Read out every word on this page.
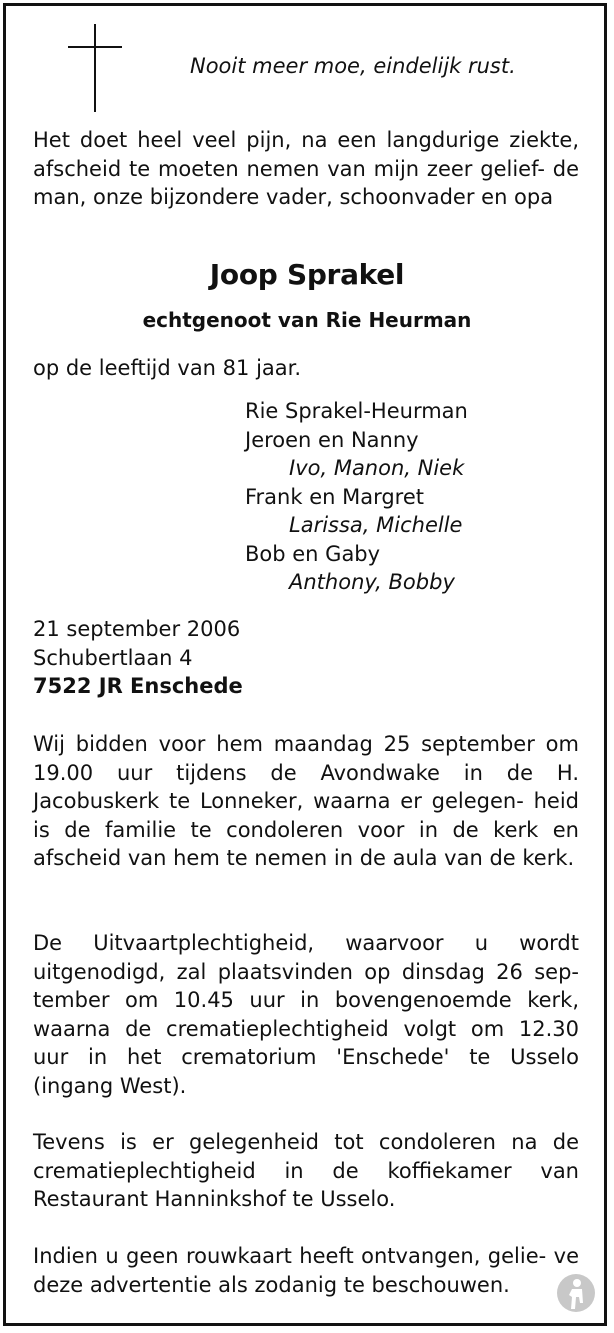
Nooit meer moe, eindelijk rust.
Het doet heel veel pijn, na een langdurige ziekte, afscheid te moeten nemen van mijn zeer gelief- de man, onze bijzondere vader, schoonvader en opa
Joop Sprakel
echtgenoot van Rie Heurman
op de leeftijd van 81 jaar.
Rie Sprakel-Heurman
Jeroen en Nanny
Ivo, Manon, Niek
Frank en Margret
Larissa, Michelle
Bob en Gaby
Anthony, Bobby
21 september 2006
Schubertlaan 4
7522 JR Enschede
Wij bidden voor hem maandag 25 september om 19.00 uur tijdens de Avondwake in de H. Jacobuskerk te Lonneker, waarna er gelegen- heid is de familie te condoleren voor in de kerk en afscheid van hem te nemen in de aula van de kerk.
De Uitvaartplechtigheid, waarvoor u wordt uitgenodigd, zal plaatsvinden op dinsdag 26 sep- tember om 10.45 uur in bovengenoemde kerk, waarna de crematieplechtigheid volgt om 12.30 uur in het crematorium 'Enschede' te Usselo (ingang West).
Tevens is er gelegenheid tot condoleren na de crematieplechtigheid in de koffiekamer van Restaurant Hanninkshof te Usselo.
Indien u geen rouwkaart heeft ontvangen, gelie- ve deze advertentie als zodanig te beschouwen.
